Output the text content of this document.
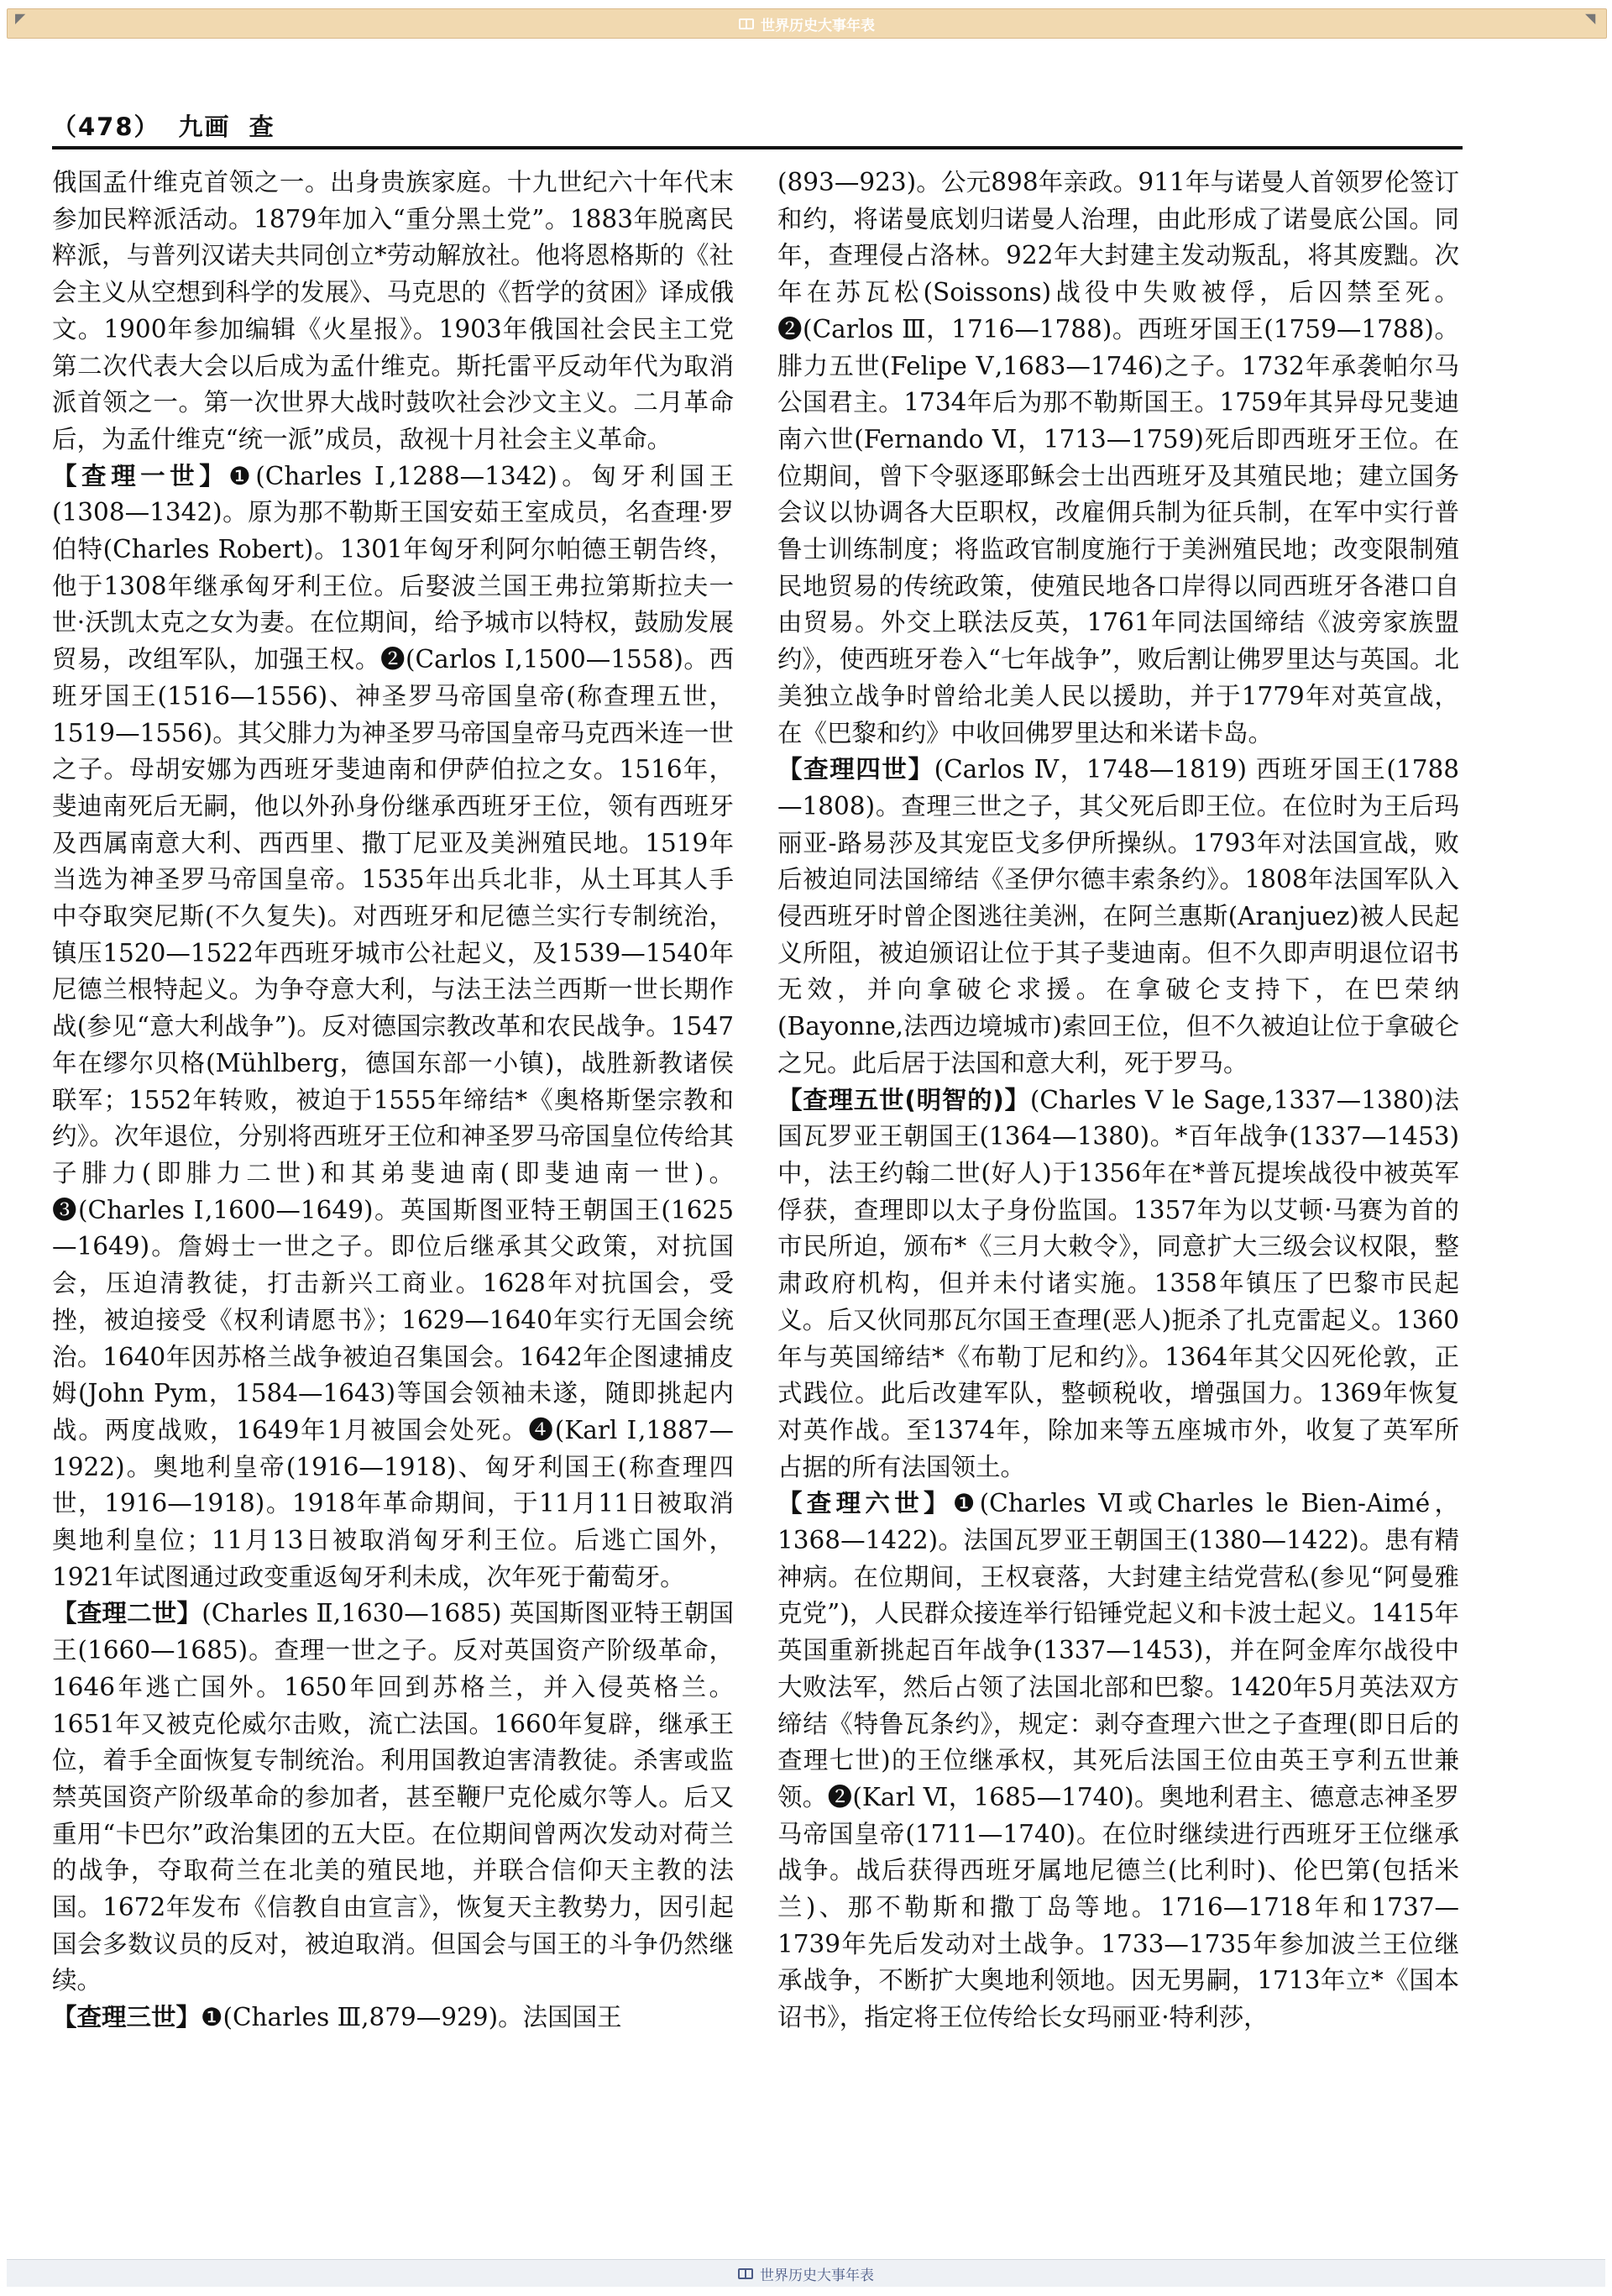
世界历史大事年表
◤	◥
（478） 九画 查

俄国孟什维克首领之一。出身贵族家庭。十九世纪六十年代末参加民粹派活动。1879年加入“重分黑土党”。1883年脱离民粹派，与普列汉诺夫共同创立*劳动解放社。他将恩格斯的《社会主义从空想到科学的发展》、马克思的《哲学的贫困》译成俄文。1900年参加编辑《火星报》。1903年俄国社会民主工党第二次代表大会以后成为孟什维克。斯托雷平反动年代为取消派首领之一。第一次世界大战时鼓吹社会沙文主义。二月革命后，为孟什维克“统一派”成员，敌视十月社会主义革命。

【查理一世】❶(Charles Ⅰ,1288—1342)。匈牙利国王(1308—1342)。原为那不勒斯王国安茹王室成员，名查理·罗伯特(Charles Robert)。1301年匈牙利阿尔帕德王朝告终，他于1308年继承匈牙利王位。后娶波兰国王弗拉第斯拉夫一世·沃凯太克之女为妻。在位期间，给予城市以特权，鼓励发展贸易，改组军队，加强王权。❷(Carlos Ⅰ,1500—1558)。西班牙国王(1516—1556)、神圣罗马帝国皇帝(称查理五世，1519—1556)。其父腓力为神圣罗马帝国皇帝马克西米连一世之子。母胡安娜为西班牙斐迪南和伊萨伯拉之女。1516年，斐迪南死后无嗣，他以外孙身份继承西班牙王位，领有西班牙及西属南意大利、西西里、撒丁尼亚及美洲殖民地。1519年当选为神圣罗马帝国皇帝。1535年出兵北非，从土耳其人手中夺取突尼斯(不久复失)。对西班牙和尼德兰实行专制统治，镇压1520—1522年西班牙城市公社起义，及1539—1540年尼德兰根特起义。为争夺意大利，与法王法兰西斯一世长期作战(参见“意大利战争”)。反对德国宗教改革和农民战争。1547年在缪尔贝格(Mühlberg，德国东部一小镇)，战胜新教诸侯联军；1552年转败，被迫于1555年缔结*《奥格斯堡宗教和约》。次年退位，分别将西班牙王位和神圣罗马帝国皇位传给其子腓力(即腓力二世)和其弟斐迪南(即斐迪南一世)。❸(Charles Ⅰ,1600—1649)。英国斯图亚特王朝国王(1625—1649)。詹姆士一世之子。即位后继承其父政策，对抗国会，压迫清教徒，打击新兴工商业。1628年对抗国会，受挫，被迫接受《权利请愿书》；1629—1640年实行无国会统治。1640年因苏格兰战争被迫召集国会。1642年企图逮捕皮姆(John Pym，1584—1643)等国会领袖未遂，随即挑起内战。两度战败，1649年1月被国会处死。❹(Karl Ⅰ,1887—1922)。奥地利皇帝(1916—1918)、匈牙利国王(称查理四世，1916—1918)。1918年革命期间，于11月11日被取消奥地利皇位；11月13日被取消匈牙利王位。后逃亡国外，1921年试图通过政变重返匈牙利未成，次年死于葡萄牙。

【查理二世】(Charles Ⅱ,1630—1685) 英国斯图亚特王朝国王(1660—1685)。查理一世之子。反对英国资产阶级革命，1646年逃亡国外。1650年回到苏格兰，并入侵英格兰。1651年又被克伦威尔击败，流亡法国。1660年复辟，继承王位，着手全面恢复专制统治。利用国教迫害清教徒。杀害或监禁英国资产阶级革命的参加者，甚至鞭尸克伦威尔等人。后又重用“卡巴尔”政治集团的五大臣。在位期间曾两次发动对荷兰的战争，夺取荷兰在北美的殖民地，并联合信仰天主教的法国。1672年发布《信教自由宣言》，恢复天主教势力，因引起国会多数议员的反对，被迫取消。但国会与国王的斗争仍然继续。

【查理三世】❶(Charles Ⅲ,879—929)。法国国王

(893—923)。公元898年亲政。911年与诺曼人首领罗伦签订和约，将诺曼底划归诺曼人治理，由此形成了诺曼底公国。同年，查理侵占洛林。922年大封建主发动叛乱，将其废黜。次年在苏瓦松(Soissons)战役中失败被俘，后囚禁至死。❷(Carlos Ⅲ，1716—1788)。西班牙国王(1759—1788)。腓力五世(Felipe Ⅴ,1683—1746)之子。1732年承袭帕尔马公国君主。1734年后为那不勒斯国王。1759年其异母兄斐迪南六世(Fernando Ⅵ，1713—1759)死后即西班牙王位。在位期间，曾下令驱逐耶稣会士出西班牙及其殖民地；建立国务会议以协调各大臣职权，改雇佣兵制为征兵制，在军中实行普鲁士训练制度；将监政官制度施行于美洲殖民地；改变限制殖民地贸易的传统政策，使殖民地各口岸得以同西班牙各港口自由贸易。外交上联法反英，1761年同法国缔结《波旁家族盟约》，使西班牙卷入“七年战争”，败后割让佛罗里达与英国。北美独立战争时曾给北美人民以援助，并于1779年对英宣战，在《巴黎和约》中收回佛罗里达和米诺卡岛。

【查理四世】(Carlos Ⅳ，1748—1819) 西班牙国王(1788—1808)。查理三世之子，其父死后即王位。在位时为王后玛丽亚-路易莎及其宠臣戈多伊所操纵。1793年对法国宣战，败后被迫同法国缔结《圣伊尔德丰索条约》。1808年法国军队入侵西班牙时曾企图逃往美洲，在阿兰惠斯(Aranjuez)被人民起义所阻，被迫颁诏让位于其子斐迪南。但不久即声明退位诏书无效，并向拿破仑求援。在拿破仑支持下，在巴荣纳(Bayonne,法西边境城市)索回王位，但不久被迫让位于拿破仑之兄。此后居于法国和意大利，死于罗马。

【查理五世(明智的)】(Charles Ⅴ le Sage,1337—1380)法国瓦罗亚王朝国王(1364—1380)。*百年战争(1337—1453)中，法王约翰二世(好人)于1356年在*普瓦提埃战役中被英军俘获，查理即以太子身份监国。1357年为以艾顿·马赛为首的市民所迫，颁布*《三月大敕令》，同意扩大三级会议权限，整肃政府机构，但并未付诸实施。1358年镇压了巴黎市民起义。后又伙同那瓦尔国王查理(恶人)扼杀了扎克雷起义。1360年与英国缔结*《布勒丁尼和约》。1364年其父囚死伦敦，正式践位。此后改建军队，整顿税收，增强国力。1369年恢复对英作战。至1374年，除加来等五座城市外，收复了英军所占据的所有法国领土。

【查理六世】❶(Charles Ⅵ或Charles le Bien-Aimé，1368—1422)。法国瓦罗亚王朝国王(1380—1422)。患有精神病。在位期间，王权衰落，大封建主结党营私(参见“阿曼雅克党”)，人民群众接连举行铅锤党起义和卡波士起义。1415年英国重新挑起百年战争(1337—1453)，并在阿金库尔战役中大败法军，然后占领了法国北部和巴黎。1420年5月英法双方缔结《特鲁瓦条约》，规定：剥夺查理六世之子查理(即日后的查理七世)的王位继承权，其死后法国王位由英王亨利五世兼领。❷(Karl Ⅵ，1685—1740)。奥地利君主、德意志神圣罗马帝国皇帝(1711—1740)。在位时继续进行西班牙王位继承战争。战后获得西班牙属地尼德兰(比利时)、伦巴第(包括米兰)、那不勒斯和撒丁岛等地。1716—1718年和1737—1739年先后发动对土战争。1733—1735年参加波兰王位继承战争，不断扩大奥地利领地。因无男嗣，1713年立*《国本诏书》，指定将王位传给长女玛丽亚·特利莎，

世界历史大事年表
